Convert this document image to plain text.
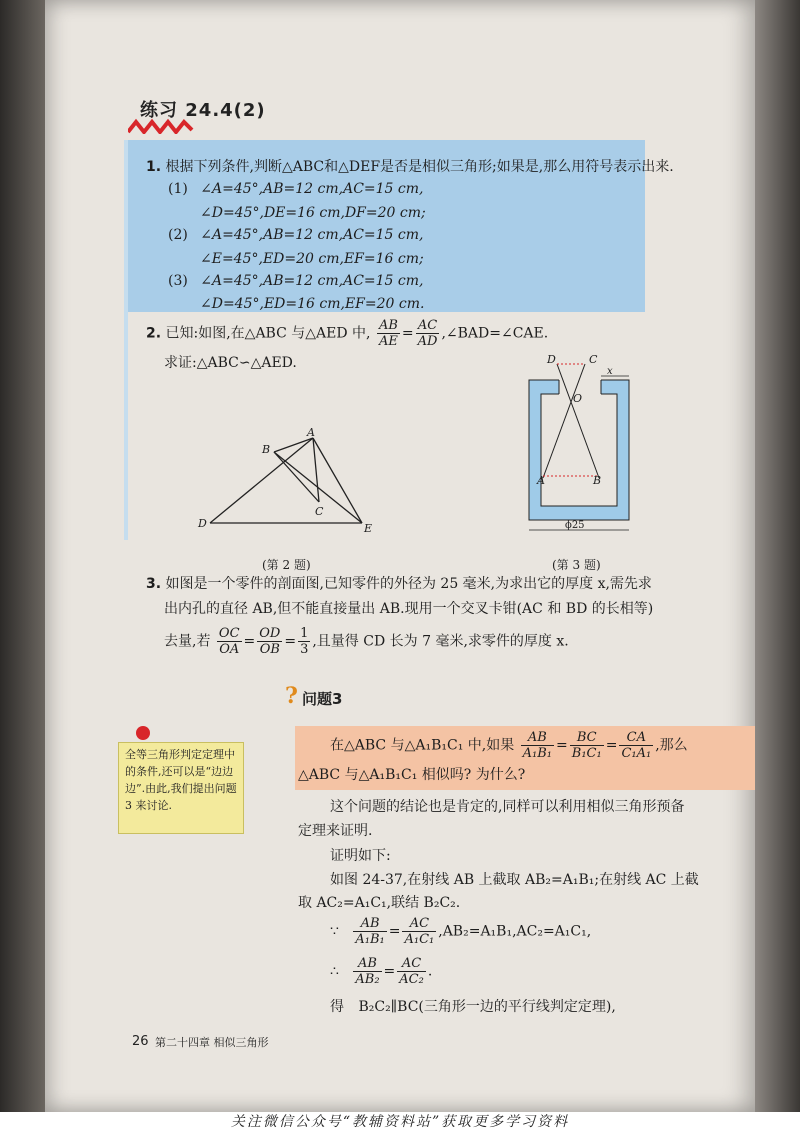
练习 24.4(2)
1. 根据下列条件,判断△ABC和△DEF是否是相似三角形;如果是,那么用符号表示出来.
(1) ∠A=45°,AB=12 cm,AC=15 cm,
∠D=45°,DE=16 cm,DF=20 cm;
(2) ∠A=45°,AB=12 cm,AC=15 cm,
∠E=45°,ED=20 cm,EF=16 cm;
(3) ∠A=45°,AB=12 cm,AC=15 cm,
∠D=45°,ED=16 cm,EF=20 cm.
2. 已知:如图,在△ABC 与△AED 中, $\frac{AB}{AE} = \frac{AC}{AD}$ ,∠BAD=∠CAE.
求证:△ABC∽△AED.
A
B
C
D	E
(第 2 题)
D	C
O
A	B
x
ϕ25
(第 3 题)
3. 如图是一个零件的剖面图,已知零件的外径为 25 毫米,为求出它的厚度 x,需先求
出内孔的直径 AB,但不能直接量出 AB.现用一个交叉卡钳(AC 和 BD 的长相等)
去量,若 $\frac{OC}{OA} = \frac{OD}{OB} = \frac{1}{3}$ ,且量得 CD 长为 7 毫米,求零件的厚度 x.
? 问题3
在△ABC 与△A₁B₁C₁ 中,如果 $\frac{AB}{\text{A₁B₁}} = \frac{BC}{\text{B₁C₁}} = \frac{CA}{\text{C₁A₁}}$ ,那么
△ABC 与△A₁B₁C₁ 相似吗? 为什么?
全等三角形判定定理中的条件,还可以是“边边边”.由此,我们提出问题 3 来讨论.	这个问题的结论也是肯定的,同样可以利用相似三角形预备
定理来证明.
证明如下:
如图 24-37,在射线 AB 上截取 AB₂=A₁B₁;在射线 AC 上截
取 AC₂=A₁C₁,联结 B₂C₂.
∵ $\frac{AB}{\text{A₁B₁}} = \frac{AC}{\text{A₁C₁}} ,AB_2=A_1B_1,AC_2=A_1C_1$,
∴ $\frac{AB}{\text{AB₂}} = \frac{AC}{\text{AC₂}}$ .
得 B₂C₂∥BC(三角形一边的平行线判定定理),
26 第二十四章 相似三角形
关注微信公众号“教辅资料站”获取更多学习资料
